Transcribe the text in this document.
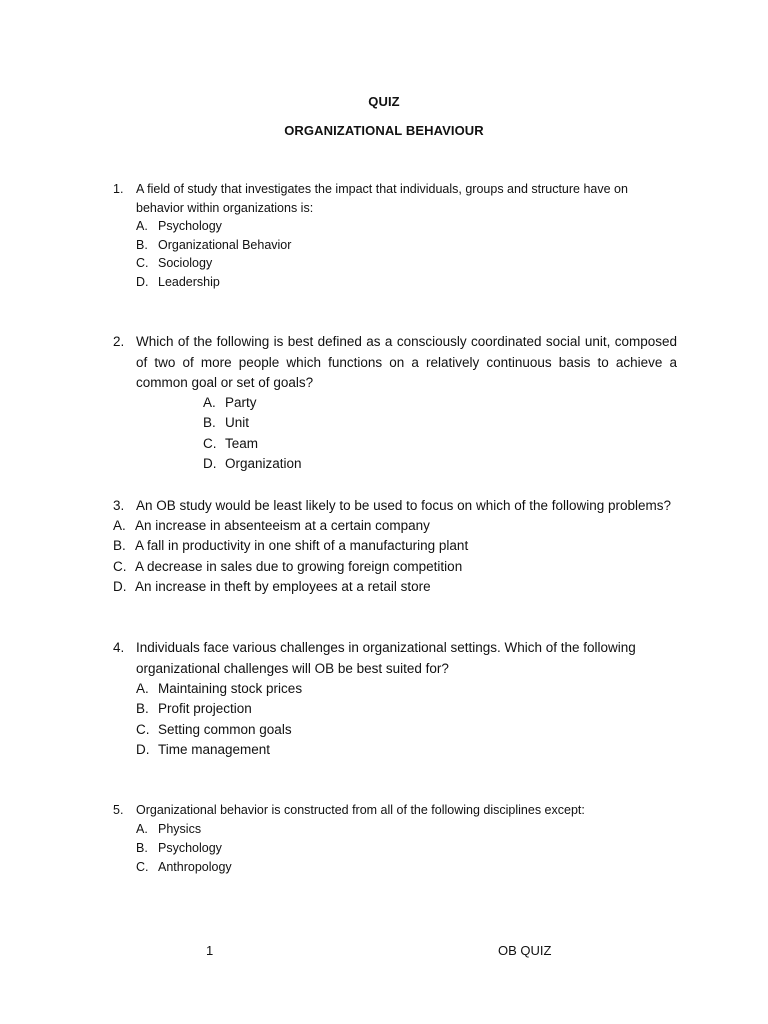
QUIZ
ORGANIZATIONAL BEHAVIOUR
1.	A field of study that investigates the impact that individuals, groups and structure have on behavior within organizations is:
A. Psychology
B. Organizational Behavior
C. Sociology
D. Leadership
2. Which of the following is best defined as a consciously coordinated social unit, composed of two of more people which functions on a relatively continuous basis to achieve a common goal or set of goals?
A. Party
B. Unit
C. Team
D. Organization
3. An OB study would be least likely to be used to focus on which of the following problems?
A. An increase in absenteeism at a certain company
B. A fall in productivity in one shift of a manufacturing plant
C. A decrease in sales due to growing foreign competition
D. An increase in theft by employees at a retail store
4. Individuals face various challenges in organizational settings. Which of the following organizational challenges will OB be best suited for?
A. Maintaining stock prices
B. Profit projection
C. Setting common goals
D. Time management
5.	Organizational behavior is constructed from all of the following disciplines except:
A. Physics
B. Psychology
C. Anthropology
1	OB QUIZ
